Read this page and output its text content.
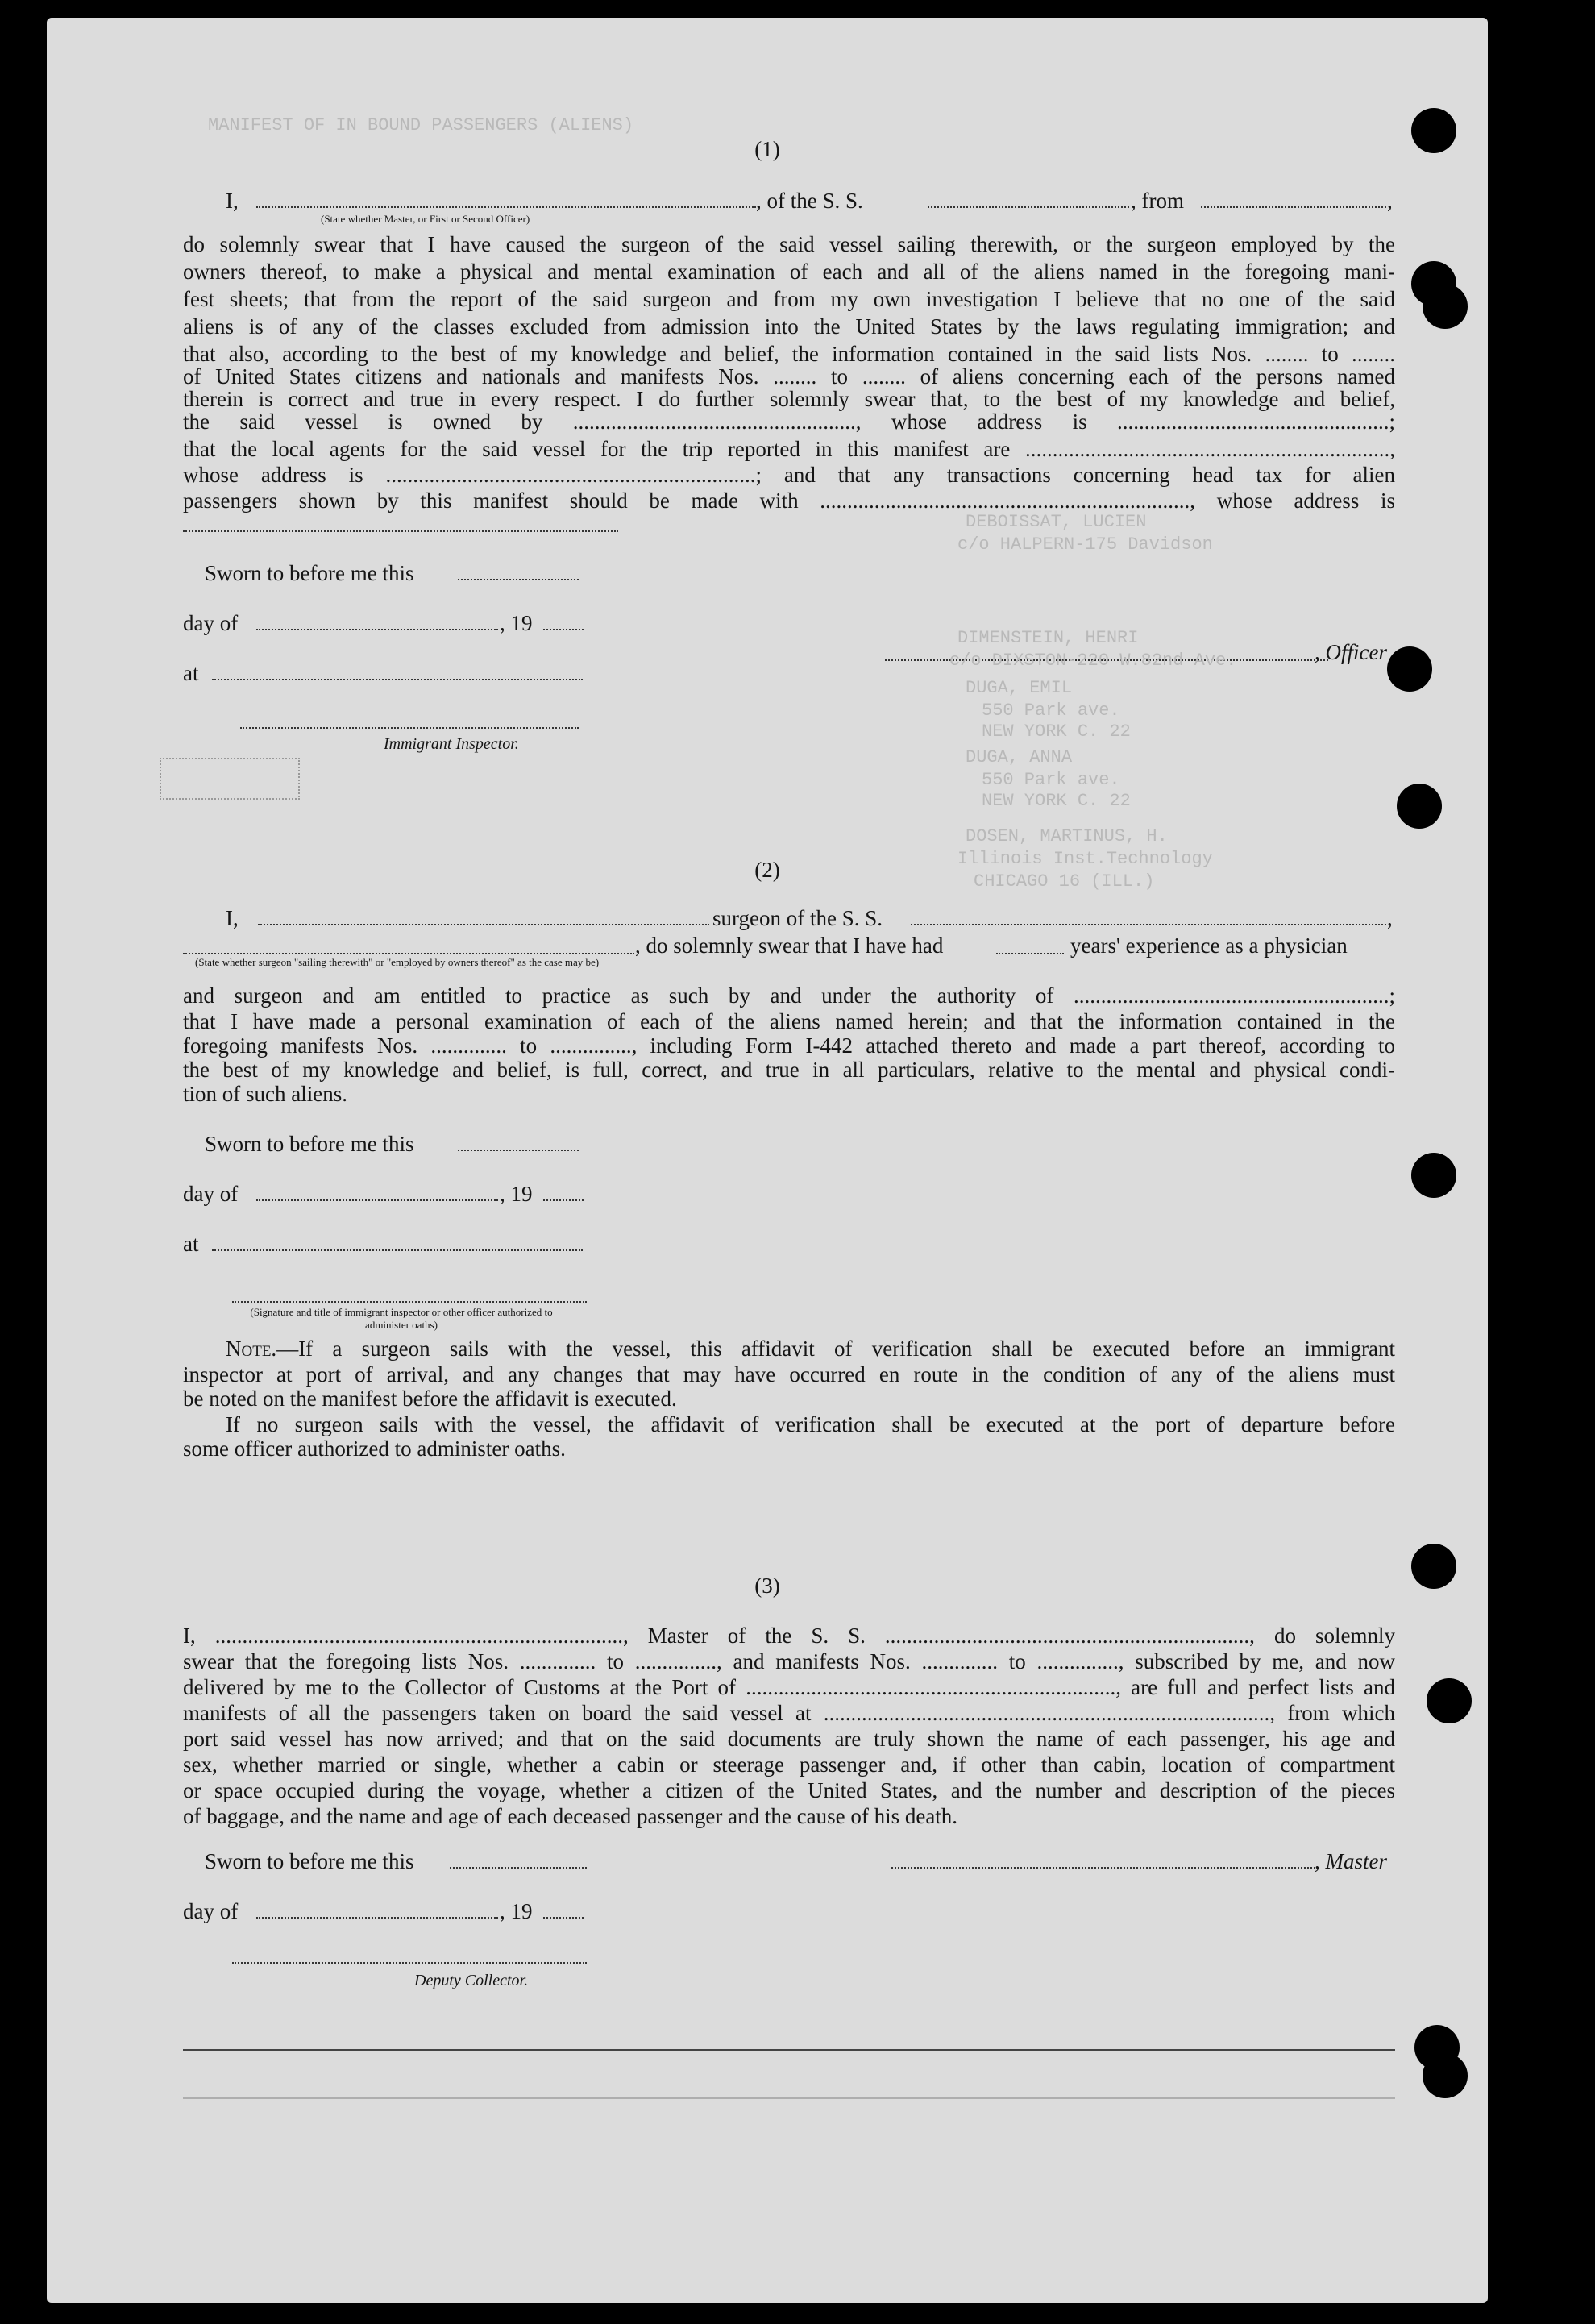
MANIFEST OF IN BOUND PASSENGERS (ALIENS)
(1)
I,	, of the S. S.	, from	,
(State whether Master, or First or Second Officer)
do solemnly swear that I have caused the surgeon of the said vessel sailing therewith, or the surgeon employed by the
owners thereof, to make a physical and mental examination of each and all of the aliens named in the foregoing mani-
fest sheets; that from the report of the said surgeon and from my own investigation I believe that no one of the said
aliens is of any of the classes excluded from admission into the United States by the laws regulating immigration; and
that also, according to the best of my knowledge and belief, the information contained in the said lists Nos. ........ to ........
of United States citizens and nationals and manifests Nos. ........ to ........ of aliens concerning each of the persons named
therein is correct and true in every respect. I do further solemnly swear that, to the best of my knowledge and belief,
the said vessel is owned by ...................................................., whose address is ..................................................;
that the local agents for the said vessel for the trip reported in this manifest are ...................................................................,
whose address is ....................................................................; and that any transactions concerning head tax for alien
passengers shown by this manifest should be made with ...................................................................., whose address is
Sworn to before me this
day of	, 19
, Officer
at
Immigrant Inspector.
DEBOISSAT, LUCIEN
c/o HALPERN-175 Davidson
DIMENSTEIN, HENRI
c/o DIXSTON-220 W.82nd Ave.
DUGA, EMIL
550 Park ave.
NEW YORK C. 22
DUGA, ANNA
550 Park ave.
NEW YORK C. 22
DOSEN, MARTINUS, H.
Illinois Inst.Technology
CHICAGO 16 (ILL.)
(2)
I,	surgeon of the S. S.	,
, do solemnly swear that I have had	years' experience as a physician
(State whether surgeon "sailing therewith" or "employed by owners thereof" as the case may be)
and surgeon and am entitled to practice as such by and under the authority of ..........................................................;
that I have made a personal examination of each of the aliens named herein; and that the information contained in the
foregoing manifests Nos. .............. to ..............., including Form I-442 attached thereto and made a part thereof, according to
the best of my knowledge and belief, is full, correct, and true in all particulars, relative to the mental and physical condi-
tion of such aliens.
Sworn to before me this
day of	, 19
at
(Signature and title of immigrant inspector or other officer authorized to administer oaths)
Note.—If a surgeon sails with the vessel, this affidavit of verification shall be executed before an immigrant
inspector at port of arrival, and any changes that may have occurred en route in the condition of any of the aliens must
be noted on the manifest before the affidavit is executed.
If no surgeon sails with the vessel, the affidavit of verification shall be executed at the port of departure before
some officer authorized to administer oaths.
(3)
I, ..........................................................................., Master of the S. S. ..................................................................., do solemnly
swear that the foregoing lists Nos. .............. to ..............., and manifests Nos. .............. to ..............., subscribed by me, and now
delivered by me to the Collector of Customs at the Port of ...................................................................., are full and perfect lists and
manifests of all the passengers taken on board the said vessel at .................................................................................., from which
port said vessel has now arrived; and that on the said documents are truly shown the name of each passenger, his age and
sex, whether married or single, whether a cabin or steerage passenger and, if other than cabin, location of compartment
or space occupied during the voyage, whether a citizen of the United States, and the number and description of the pieces
of baggage, and the name and age of each deceased passenger and the cause of his death.
Sworn to before me this	, Master
day of	, 19
Deputy Collector.
